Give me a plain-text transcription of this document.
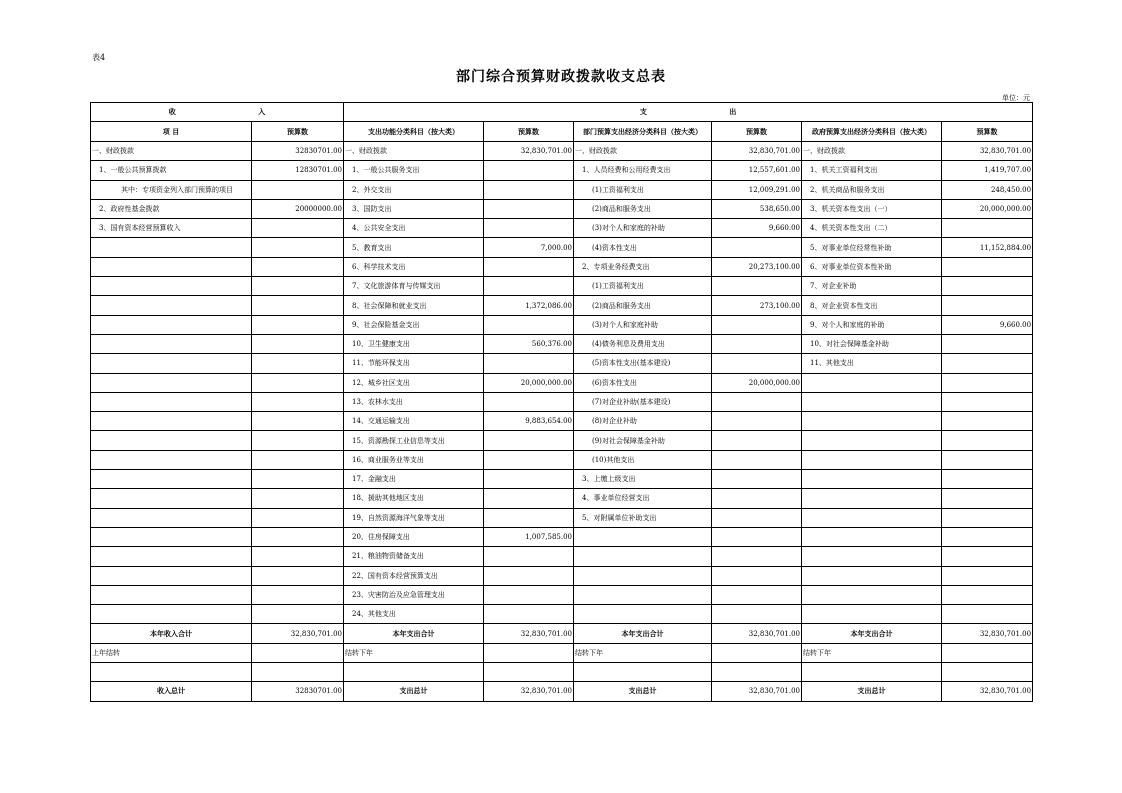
表4
部门综合预算财政拨款收支总表
单位：元
收 入		支 出					
项 目	预算数	支出功能分类科目（按大类）	预算数	部门预算支出经济分类科目（按大类）	预算数	政府预算支出经济分类科目（按大类）	预算数
一、财政拨款	32830701.00	一、财政拨款	32,830,701.00	一、财政拨款	32,830,701.00	一、财政拨款	32,830,701.00
1、一般公共预算拨款	12830701.00	1、一般公共服务支出		1、人员经费和公用经费支出	12,557,601.00	1、机关工资福利支出	1,419,707.00
其中：专项资金列入部门预算的项目		2、外交支出		(1)工资福利支出	12,009,291.00	2、机关商品和服务支出	248,450.00
2、政府性基金拨款	20000000.00	3、国防支出		(2)商品和服务支出	538,650.00	3、机关资本性支出（一）	20,000,000.00
3、国有资本经营预算收入		4、公共安全支出		(3)对个人和家庭的补助	9,660.00	4、机关资本性支出（二）	
		5、教育支出	7,000.00	(4)资本性支出		5、对事业单位经常性补助	11,152,884.00
		6、科学技术支出		2、专项业务经费支出	20,273,100.00	6、对事业单位资本性补助	
		7、文化旅游体育与传媒支出		(1)工资福利支出		7、对企业补助	
		8、社会保障和就业支出	1,372,086.00	(2)商品和服务支出	273,100.00	8、对企业资本性支出	
		9、社会保险基金支出		(3)对个人和家庭补助		9、对个人和家庭的补助	9,660.00
		10、卫生健康支出	560,376.00	(4)债务利息及费用支出		10、对社会保障基金补助	
		11、节能环保支出		(5)资本性支出(基本建设)		11、其他支出	
		12、城乡社区支出	20,000,000.00	(6)资本性支出	20,000,000.00		
		13、农林水支出		(7)对企业补助(基本建设)			
		14、交通运输支出	9,883,654.00	(8)对企业补助			
		15、资源勘探工业信息等支出		(9)对社会保障基金补助			
		16、商业服务业等支出		(10)其他支出			
		17、金融支出		3、上缴上级支出			
		18、援助其他地区支出		4、事业单位经营支出			
		19、自然资源海洋气象等支出		5、对附属单位补助支出			
		20、住房保障支出	1,007,585.00				
		21、粮油物资储备支出					
		22、国有资本经营预算支出					
		23、灾害防治及应急管理支出					
		24、其他支出					
本年收入合计	32,830,701.00	本年支出合计	32,830,701.00	本年支出合计	32,830,701.00	本年支出合计	32,830,701.00
上年结转		结转下年		结转下年		结转下年	

收入总计	32830701.00	支出总计	32,830,701.00	支出总计	32,830,701.00	支出总计	32,830,701.00
